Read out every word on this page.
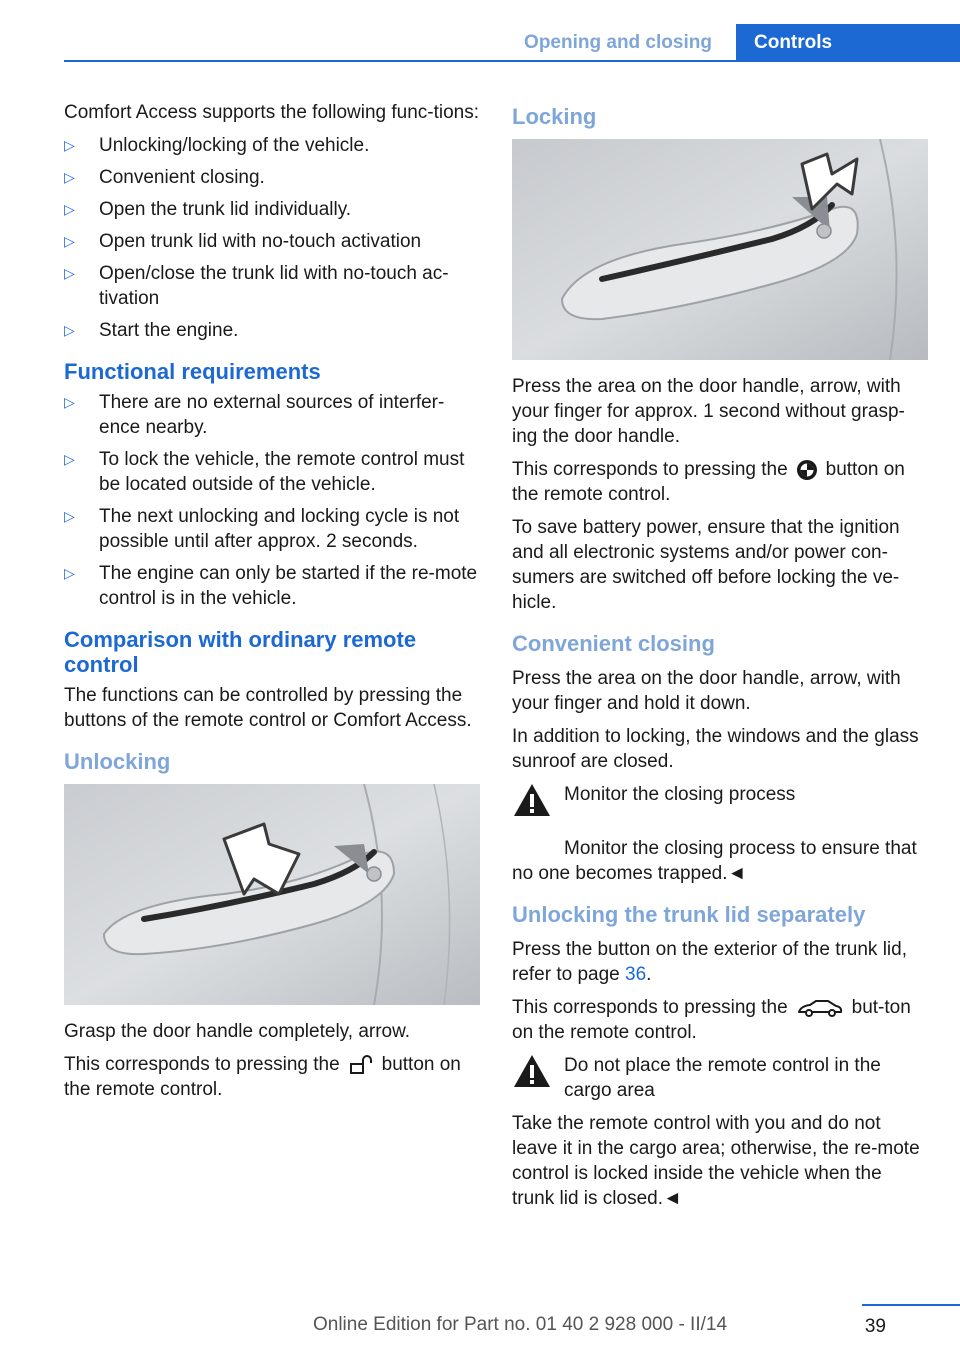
Opening and closing	Controls

Comfort Access supports the following func-tions:

▷ Unlocking/locking of the vehicle.
▷ Convenient closing.
▷ Open the trunk lid individually.
▷ Open trunk lid with no-touch activation
▷ Open/close the trunk lid with no-touch ac-tivation
▷ Start the engine.
Functional requirements
▷ There are no external sources of interfer-ence nearby.
▷ To lock the vehicle, the remote control must be located outside of the vehicle.
▷ The next unlocking and locking cycle is not possible until after approx. 2 seconds.
▷ The engine can only be started if the re-mote control is in the vehicle.
Comparison with ordinary remote control

The functions can be controlled by pressing the buttons of the remote control or Comfort Access.

Unlocking

Grasp the door handle completely, arrow.

This corresponds to pressing the button on the remote control.

Locking

Press the area on the door handle, arrow, with your finger for approx. 1 second without grasp-ing the door handle.

This corresponds to pressing the button on the remote control.

To save battery power, ensure that the ignition and all electronic systems and/or power con-sumers are switched off before locking the ve-hicle.

Convenient closing

Press the area on the door handle, arrow, with your finger and hold it down.

In addition to locking, the windows and the glass sunroof are closed.

Monitor the closing process

Monitor the closing process to ensure that no one becomes trapped.◄

Unlocking the trunk lid separately

Press the button on the exterior of the trunk lid, refer to page 36.

This corresponds to pressing the	but-ton on the remote control.

Do not place the remote control in the cargo area

Take the remote control with you and do not leave it in the cargo area; otherwise, the re-mote control is locked inside the vehicle when the trunk lid is closed.◄

39
Online Edition for Part no. 01 40 2 928 000 - II/14
